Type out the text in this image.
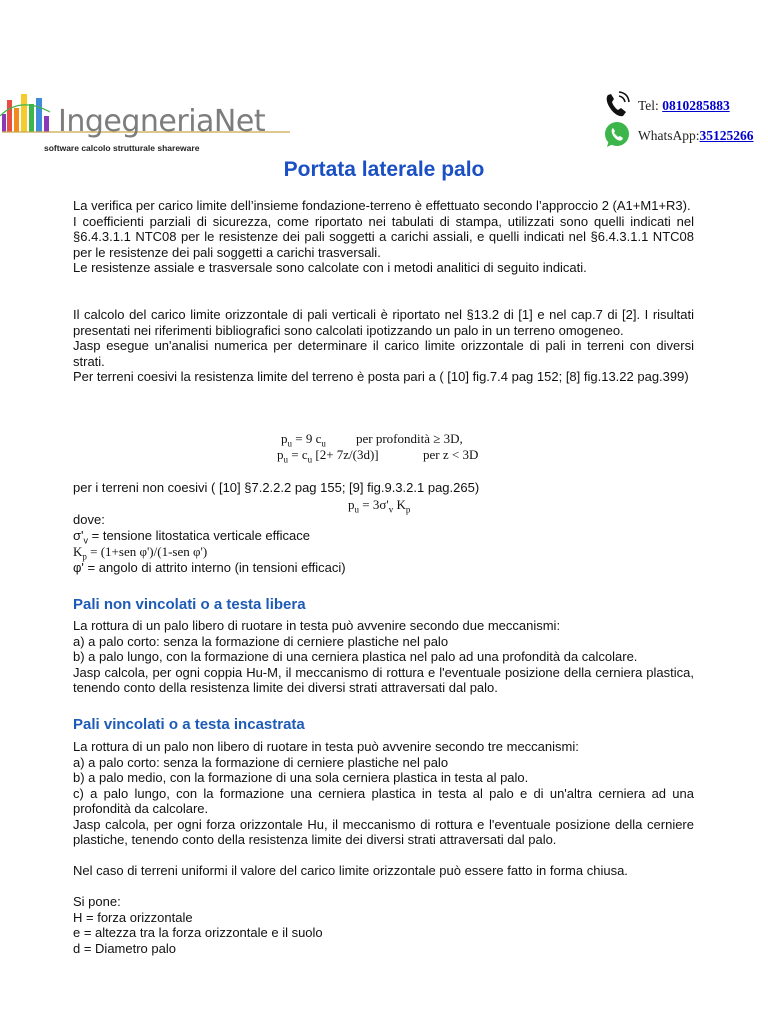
IngegneriaNet
software calcolo strutturale shareware
Tel: 0810285883
WhatsApp:35125266
Portata laterale palo
La verifica per carico limite dell’insieme fondazione-terreno è effettuato secondo l’approccio 2 (A1+M1+R3).
I coefficienti parziali di sicurezza, come riportato nei tabulati di stampa, utilizzati sono quelli indicati nel §6.4.3.1.1 NTC08 per le resistenze dei pali soggetti a carichi assiali, e quelli indicati nel §6.4.3.1.1 NTC08 per le resistenze dei pali soggetti a carichi trasversali.
Le resistenze assiale e trasversale sono calcolate con i metodi analitici di seguito indicati.
Il calcolo del carico limite orizzontale di pali verticali è riportato nel §13.2 di [1] e nel cap.7 di [2]. I risultati presentati nei riferimenti bibliografici sono calcolati ipotizzando un palo in un terreno omogeneo.
Jasp esegue un'analisi numerica per determinare il carico limite orizzontale di pali in terreni con diversi strati.
Per terreni coesivi la resistenza limite del terreno è posta pari a ( [10] fig.7.4 pag 152; [8] fig.13.22 pag.399)
$p_u = 9$ $c_u$ per profondità ≥ 3D,
$p_u = c_u$ [2+ 7z/(3d)]	per z < 3D
per i terreni non coesivi ( [10] §7.2.2.2 pag 155; [9] fig.9.3.2.1 pag.265)
$p_u = 3\sigma'_v$ $K_p$
dove:
$\sigma'_v$ = tensione litostatica verticale efficace
$K_p = (1+sen$ φ')/(1-sen φ')
φ' = angolo di attrito interno (in tensioni efficaci)
Pali non vincolati o a testa libera
La rottura di un palo libero di ruotare in testa può avvenire secondo due meccanismi:
a) a palo corto: senza la formazione di cerniere plastiche nel palo
b) a palo lungo, con la formazione di una cerniera plastica nel palo ad una profondità da calcolare.
Jasp calcola, per ogni coppia Hu-M, il meccanismo di rottura e l'eventuale posizione della cerniera plastica, tenendo conto della resistenza limite dei diversi strati attraversati dal palo.
Pali vincolati o a testa incastrata
La rottura di un palo non libero di ruotare in testa può avvenire secondo tre meccanismi:
a) a palo corto: senza la formazione di cerniere plastiche nel palo
b) a palo medio, con la formazione di una sola cerniera plastica in testa al palo.
c) a palo lungo, con la formazione una cerniera plastica in testa al palo e di un'altra cerniera ad una profondità da calcolare.
Jasp calcola, per ogni forza orizzontale Hu, il meccanismo di rottura e l'eventuale posizione della cerniere plastiche, tenendo conto della resistenza limite dei diversi strati attraversati dal palo.
Nel caso di terreni uniformi il valore del carico limite orizzontale può essere fatto in forma chiusa.
Si pone:
H = forza orizzontale
e = altezza tra la forza orizzontale e il suolo
d = Diametro palo
